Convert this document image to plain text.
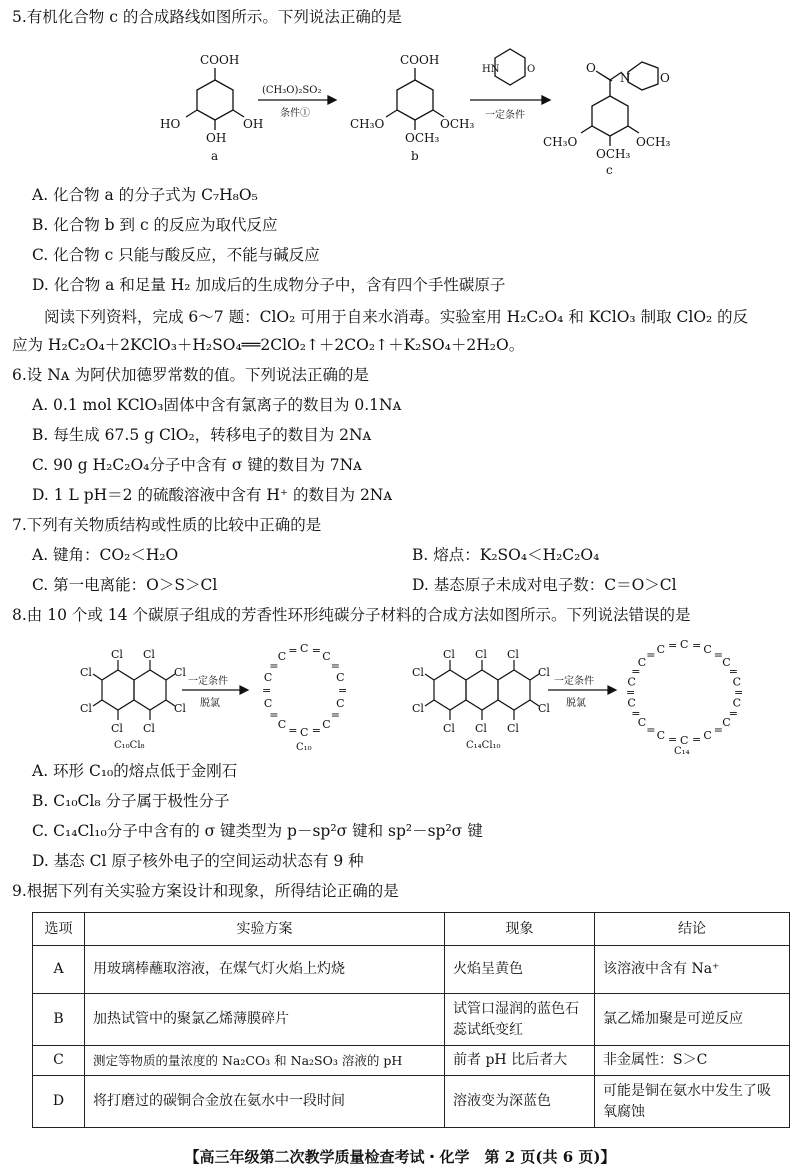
5.有机化合物 c 的合成路线如图所示。下列说法正确的是
COOH
HO
OH
OH
a
(CH₃O)₂SO₂
条件①
COOH
CH₃O
OCH₃
OCH₃
b
HN	O
一定条件
O
N O
CH₃O
OCH₃
OCH₃
c
A. 化合物 a 的分子式为 C₇H₈O₅
B. 化合物 b 到 c 的反应为取代反应
C. 化合物 c 只能与酸反应，不能与碱反应
D. 化合物 a 和足量 H₂ 加成后的生成物分子中，含有四个手性碳原子
阅读下列资料，完成 6～7 题：ClO₂ 可用于自来水消毒。实验室用 H₂C₂O₄ 和 KClO₃ 制取 ClO₂ 的反
应为 H₂C₂O₄＋2KClO₃＋H₂SO₄══2ClO₂↑＋2CO₂↑＋K₂SO₄＋2H₂O。
6.设 Nᴀ 为阿伏加德罗常数的值。下列说法正确的是
A. 0.1 mol KClO₃固体中含有氯离子的数目为 0.1Nᴀ
B. 每生成 67.5 g ClO₂，转移电子的数目为 2Nᴀ
C. 90 g H₂C₂O₄分子中含有 σ 键的数目为 7Nᴀ
D. 1 L pH＝2 的硫酸溶液中含有 H⁺ 的数目为 2Nᴀ
7.下列有关物质结构或性质的比较中正确的是
A. 键角：CO₂＜H₂O	B. 熔点：K₂SO₄＜H₂C₂O₄
C. 第一电离能：O＞S＞Cl	D. 基态原子未成对电子数：C＝O＞Cl
8.由 10 个或 14 个碳原子组成的芳香性环形纯碳分子材料的合成方法如图所示。下列说法错误的是
Cl Cl
Cl	Cl
Cl	Cl
Cl Cl
C₁₀Cl₈
一定条件
脱氯
C₁₀
Cl Cl Cl
Cl	Cl
Cl	Cl
Cl Cl Cl
C₁₄Cl₁₀
一定条件
脱氯
C₁₄
C = C
=
C
=
C
=
C
=
C
=
C
=
C
=
C
=
C =	C = C =
C
=
C
=
C
=
C
=
C
=
C
=
C
=
C
=
C
=
C
=
C
= C =
A. 环形 C₁₀的熔点低于金刚石
B. C₁₀Cl₈ 分子属于极性分子
C. C₁₄Cl₁₀分子中含有的 σ 键类型为 p－sp²σ 键和 sp²－sp²σ 键
D. 基态 Cl 原子核外电子的空间运动状态有 9 种
9.根据下列有关实验方案设计和现象，所得结论正确的是
选项	实验方案	现象	结论
A	用玻璃棒蘸取溶液，在煤气灯火焰上灼烧	火焰呈黄色	该溶液中含有 Na⁺
B	加热试管中的聚氯乙烯薄膜碎片	试管口湿润的蓝色石蕊试纸变红	氯乙烯加聚是可逆反应
C	测定等物质的量浓度的 Na₂CO₃ 和 Na₂SO₃ 溶液的 pH	前者 pH 比后者大	非金属性：S＞C
D	将打磨过的碳铜合金放在氨水中一段时间	溶液变为深蓝色	可能是铜在氨水中发生了吸氧腐蚀
【高三年级第二次教学质量检查考试・化学　第 2 页(共 6 页)】
